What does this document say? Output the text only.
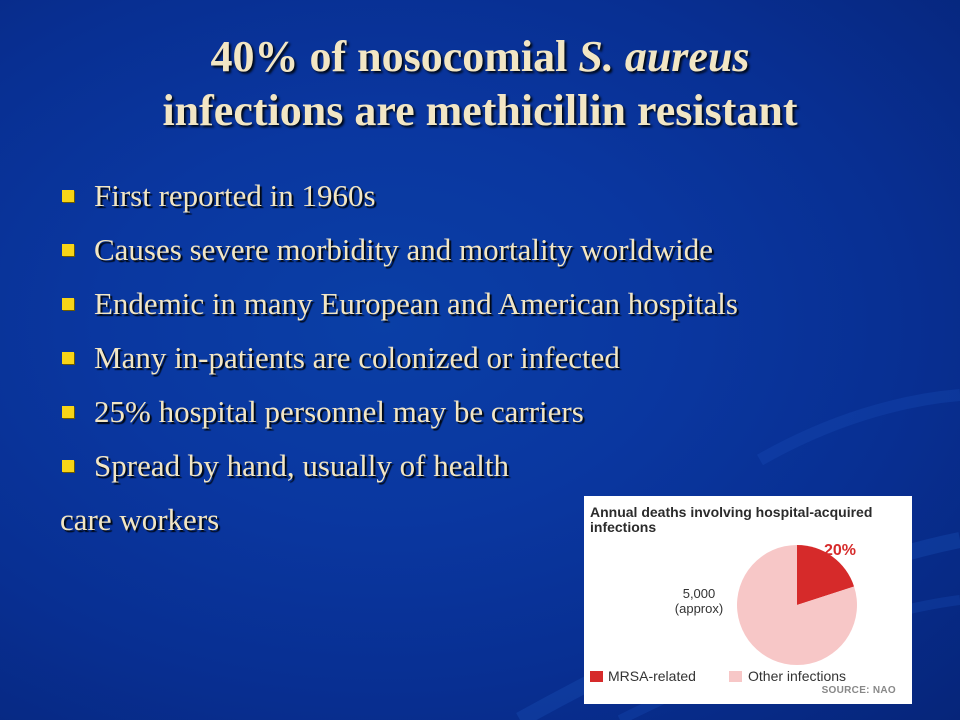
40% of nosocomial S. aureus
infections are methicillin resistant
First reported in 1960s
Causes severe morbidity and mortality worldwide
Endemic in many European and American hospitals
Many in-patients are colonized or infected
25% hospital personnel may be carriers
Spread by hand, usually of health
care workers	Annual deaths involving hospital-acquired infections
20%
5,000
(approx)
MRSA-related	Other infections
SOURCE: NAO
